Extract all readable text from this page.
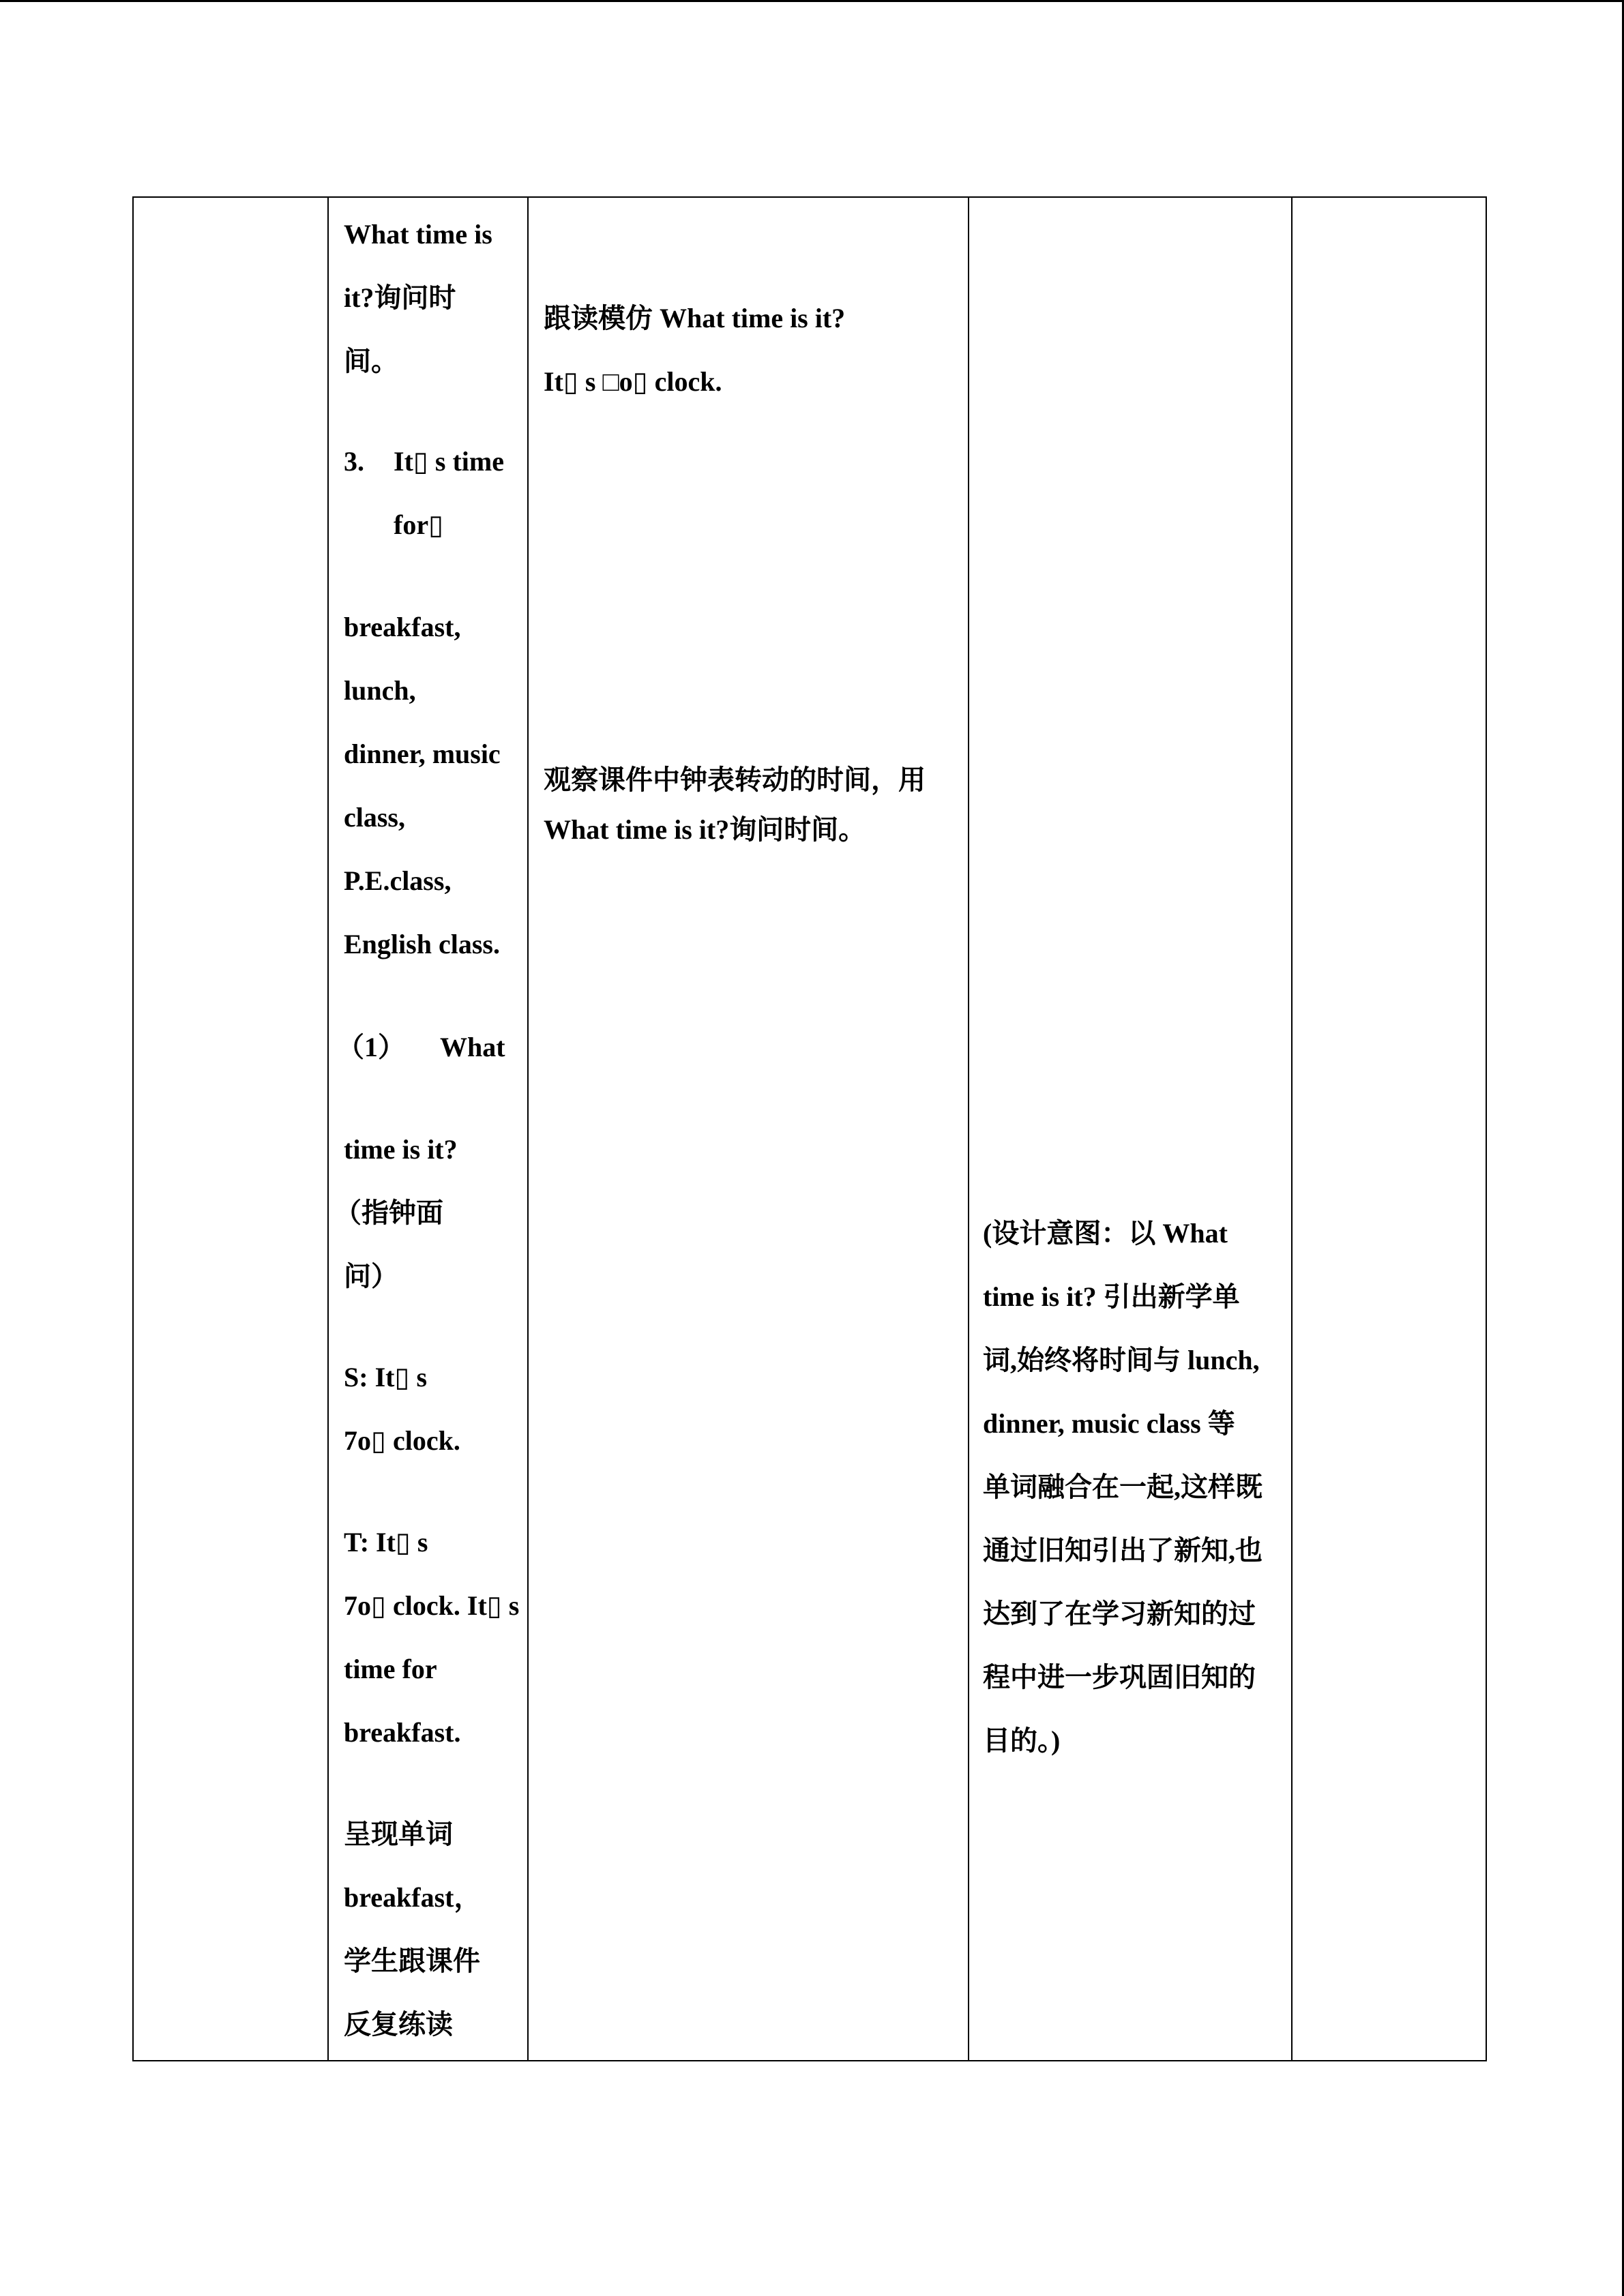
What time is
it?询问时
间。
3. It▯ s time
for▯
breakfast,
lunch,
dinner, music
class,
P.E.class,
English class.
（1） What
time is it?
（指钟面
问）
S: It▯ s
7o▯ clock.
T: It▯ s
7o▯ clock. It▯ s
time for
breakfast.
呈现单词
breakfast，
学生跟课件
反复练读

跟读模仿 What time is it?
It▯ s □o▯ clock.
观察课件中钟表转动的时间，用
What time is it?询问时间。

(设计意图：以 What
time is it? 引出新学单
词,始终将时间与 lunch,
dinner, music class 等
单词融合在一起,这样既
通过旧知引出了新知,也
达到了在学习新知的过
程中进一步巩固旧知的
目的。)
